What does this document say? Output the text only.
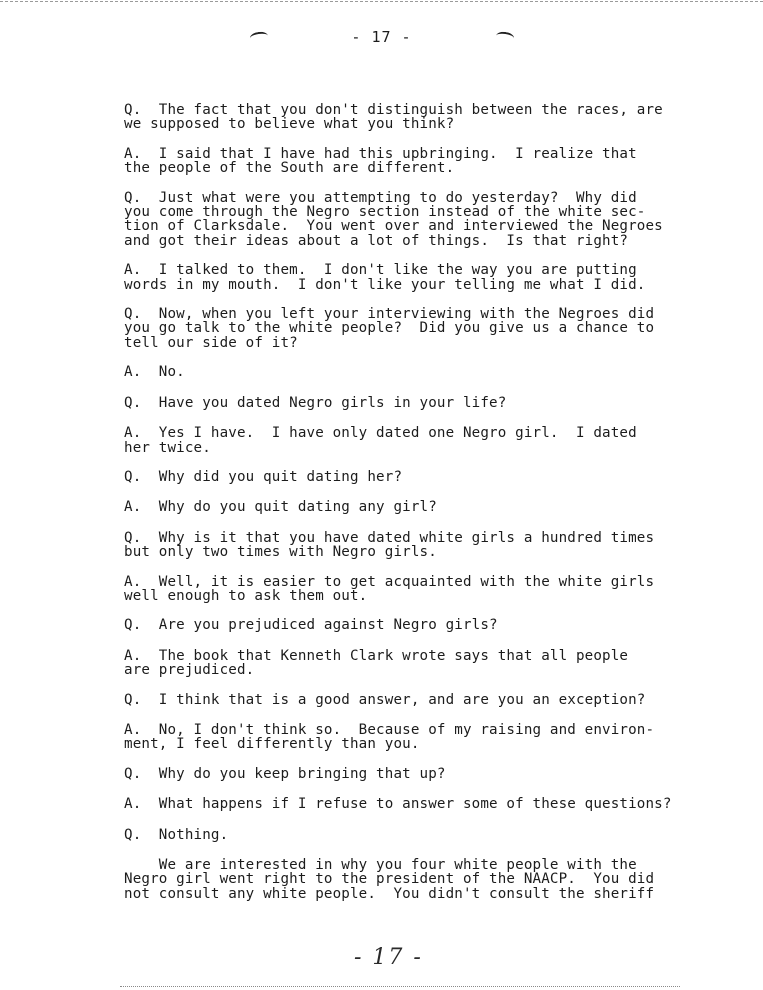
- 17 -
Q.  The fact that you don't distinguish between the races, are
we supposed to believe what you think?
A.  I said that I have had this upbringing.  I realize that
the people of the South are different.
Q.  Just what were you attempting to do yesterday?  Why did
you come through the Negro section instead of the white sec-
tion of Clarksdale.  You went over and interviewed the Negroes
and got their ideas about a lot of things.  Is that right?
A.  I talked to them.  I don't like the way you are putting
words in my mouth.  I don't like your telling me what I did.
Q.  Now, when you left your interviewing with the Negroes did
you go talk to the white people?  Did you give us a chance to
tell our side of it?
A.  No.
Q.  Have you dated Negro girls in your life?
A.  Yes I have.  I have only dated one Negro girl.  I dated
her twice.
Q.  Why did you quit dating her?
A.  Why do you quit dating any girl?
Q.  Why is it that you have dated white girls a hundred times
but only two times with Negro girls.
A.  Well, it is easier to get acquainted with the white girls
well enough to ask them out.
Q.  Are you prejudiced against Negro girls?
A.  The book that Kenneth Clark wrote says that all people
are prejudiced.
Q.  I think that is a good answer, and are you an exception?
A.  No, I don't think so.  Because of my raising and environ-
ment, I feel differently than you.
Q.  Why do you keep bringing that up?
A.  What happens if I refuse to answer some of these questions?
Q.  Nothing.
We are interested in why you four white people with the
Negro girl went right to the president of the NAACP.  You did
not consult any white people.  You didn't consult the sheriff
- 17 -
